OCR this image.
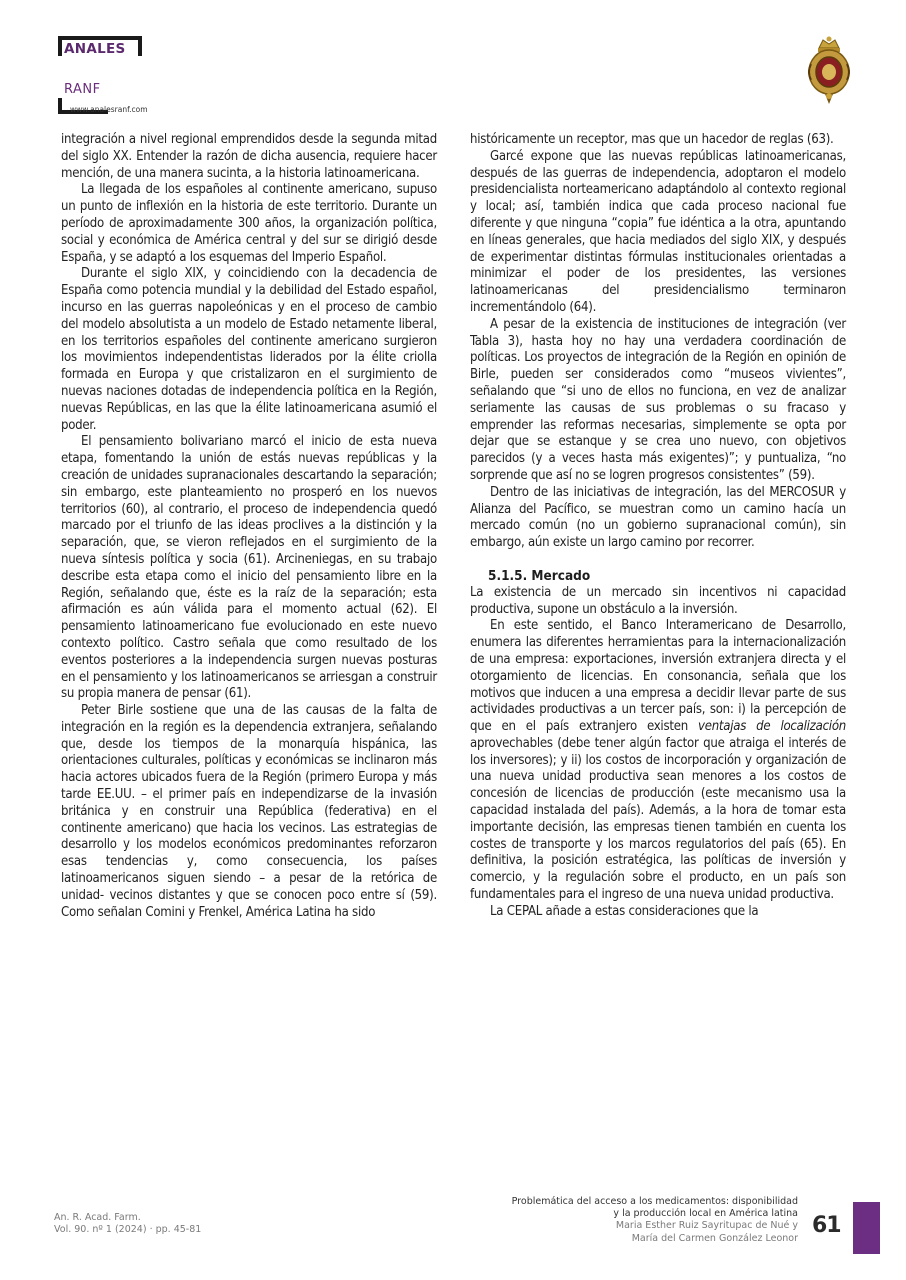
ANALES
RANF
www.analesranf.com

integración a nivel regional emprendidos desde la segunda mitad del siglo XX. Entender la razón de dicha ausencia, requiere hacer mención, de una manera sucinta, a la historia latinoamericana.

La llegada de los españoles al continente americano, supuso un punto de inflexión en la historia de este territorio. Durante un período de aproximadamente 300 años, la organización política, social y económica de América central y del sur se dirigió desde España, y se adaptó a los esquemas del Imperio Español.

Durante el siglo XIX, y coincidiendo con la decadencia de España como potencia mundial y la debilidad del Estado español, incurso en las guerras napoleónicas y en el proceso de cambio del modelo absolutista a un modelo de Estado netamente liberal, en los territorios españoles del continente americano surgieron los movimientos independentistas liderados por la élite criolla formada en Europa y que cristalizaron en el surgimiento de nuevas naciones dotadas de independencia política en la Región, nuevas Repúblicas, en las que la élite latinoamericana asumió el poder.

El pensamiento bolivariano marcó el inicio de esta nueva etapa, fomentando la unión de estás nuevas repúblicas y la creación de unidades supranacionales descartando la separación; sin embargo, este planteamiento no prosperó en los nuevos territorios (60), al contrario, el proceso de independencia quedó marcado por el triunfo de las ideas proclives a la distinción y la separación, que, se vieron reflejados en el surgimiento de la nueva síntesis política y socia (61). Arcineniegas, en su trabajo describe esta etapa como el inicio del pensamiento libre en la Región, señalando que, éste es la raíz de la separación; esta afirmación es aún válida para el momento actual (62). El pensamiento latinoamericano fue evolucionado en este nuevo contexto político. Castro señala que como resultado de los eventos posteriores a la independencia surgen nuevas posturas en el pensamiento y los latinoamericanos se arriesgan a construir su propia manera de pensar (61).

Peter Birle sostiene que una de las causas de la falta de integración en la región es la dependencia extranjera, señalando que, desde los tiempos de la monarquía hispánica, las orientaciones culturales, políticas y económicas se inclinaron más hacia actores ubicados fuera de la Región (primero Europa y más tarde EE.UU. – el primer país en independizarse de la invasión británica y en construir una República (federativa) en el continente americano) que hacia los vecinos. Las estrategias de desarrollo y los modelos económicos predominantes reforzaron esas tendencias y, como consecuencia, los países latinoamericanos siguen siendo – a pesar de la retórica de unidad- vecinos distantes y que se conocen poco entre sí (59). Como señalan Comini y Frenkel, América Latina ha sido

históricamente un receptor, mas que un hacedor de reglas (63).

Garcé expone que las nuevas repúblicas latinoamericanas, después de las guerras de independencia, adoptaron el modelo presidencialista norteamericano adaptándolo al contexto regional y local; así, también indica que cada proceso nacional fue diferente y que ninguna “copia” fue idéntica a la otra, apuntando en líneas generales, que hacia mediados del siglo XIX, y después de experimentar distintas fórmulas institucionales orientadas a minimizar el poder de los presidentes, las versiones latinoamericanas del presidencialismo terminaron incrementándolo (64).

A pesar de la existencia de instituciones de integración (ver Tabla 3), hasta hoy no hay una verdadera coordinación de políticas. Los proyectos de integración de la Región en opinión de Birle, pueden ser considerados como “museos vivientes”, señalando que “si uno de ellos no funciona, en vez de analizar seriamente las causas de sus problemas o su fracaso y emprender las reformas necesarias, simplemente se opta por dejar que se estanque y se crea uno nuevo, con objetivos parecidos (y a veces hasta más exigentes)”; y puntualiza, “no sorprende que así no se logren progresos consistentes” (59).

Dentro de las iniciativas de integración, las del MERCOSUR y Alianza del Pacífico, se muestran como un camino hacía un mercado común (no un gobierno supranacional común), sin embargo, aún existe un largo camino por recorrer.

5.1.5. Mercado

La existencia de un mercado sin incentivos ni capacidad productiva, supone un obstáculo a la inversión.

En este sentido, el Banco Interamericano de Desarrollo, enumera las diferentes herramientas para la internacionalización de una empresa: exportaciones, inversión extranjera directa y el otorgamiento de licencias. En consonancia, señala que los motivos que inducen a una empresa a decidir llevar parte de sus actividades productivas a un tercer país, son: i) la percepción de que en el país extranjero existen ventajas de localización aprovechables (debe tener algún factor que atraiga el interés de los inversores); y ii) los costos de incorporación y organización de una nueva unidad productiva sean menores a los costos de concesión de licencias de producción (este mecanismo usa la capacidad instalada del país). Además, a la hora de tomar esta importante decisión, las empresas tienen también en cuenta los costes de transporte y los marcos regulatorios del país (65). En definitiva, la posición estratégica, las políticas de inversión y comercio, y la regulación sobre el producto, en un país son fundamentales para el ingreso de una nueva unidad productiva.

La CEPAL añade a estas consideraciones que la

An. R. Acad. Farm.
Vol. 90. nº 1 (2024) · pp. 45-81
Problemática del acceso a los medicamentos: disponibilidad
y la producción local en América latina
Maria Esther Ruiz Sayritupac de Nué y
María del Carmen González Leonor
61
